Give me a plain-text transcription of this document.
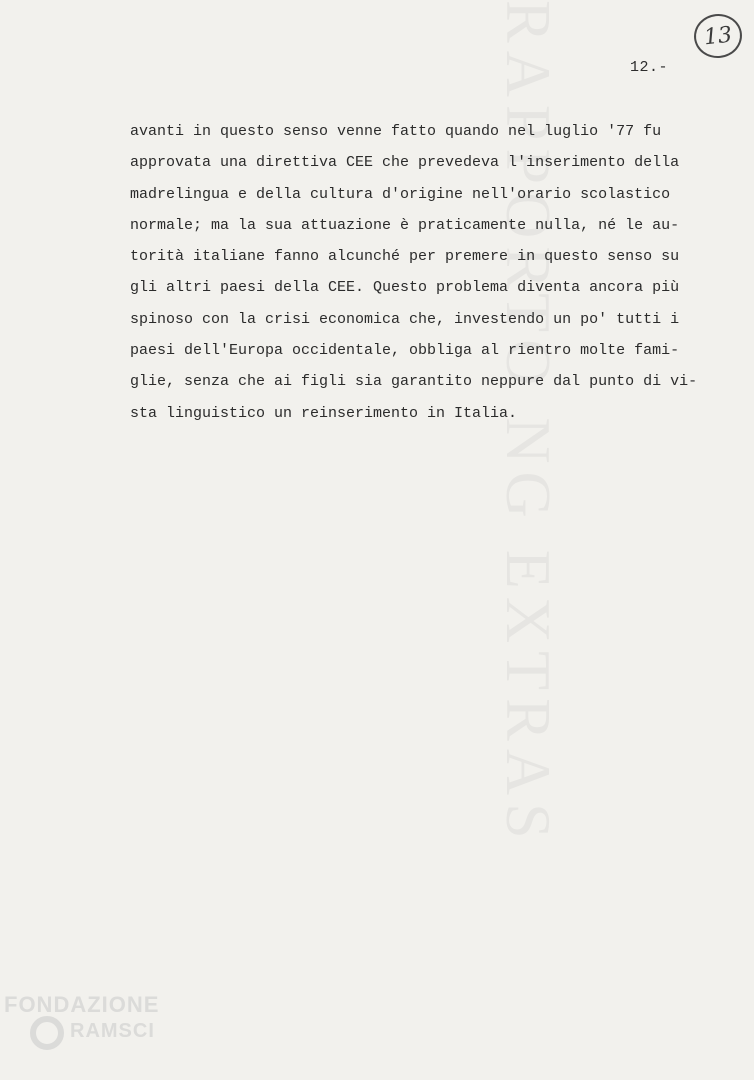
RAPPORTO NG EXTRAS	13
12.-
avanti in questo senso venne fatto quando nel luglio '77 fu
approvata una direttiva CEE che prevedeva l'inserimento della
madrelingua e della cultura d'origine nell'orario scolastico
normale; ma la sua attuazione è praticamente nulla, né le au-
torità italiane fanno alcunché per premere in questo senso su
gli altri paesi della CEE. Questo problema diventa ancora più
spinoso con la crisi economica che, investendo un po' tutti i
paesi dell'Europa occidentale, obbliga al rientro molte fami-
glie, senza che ai figli sia garantito neppure dal punto di vi-
sta linguistico un reinserimento in Italia.
FONDAZIONE
RAMSCI
